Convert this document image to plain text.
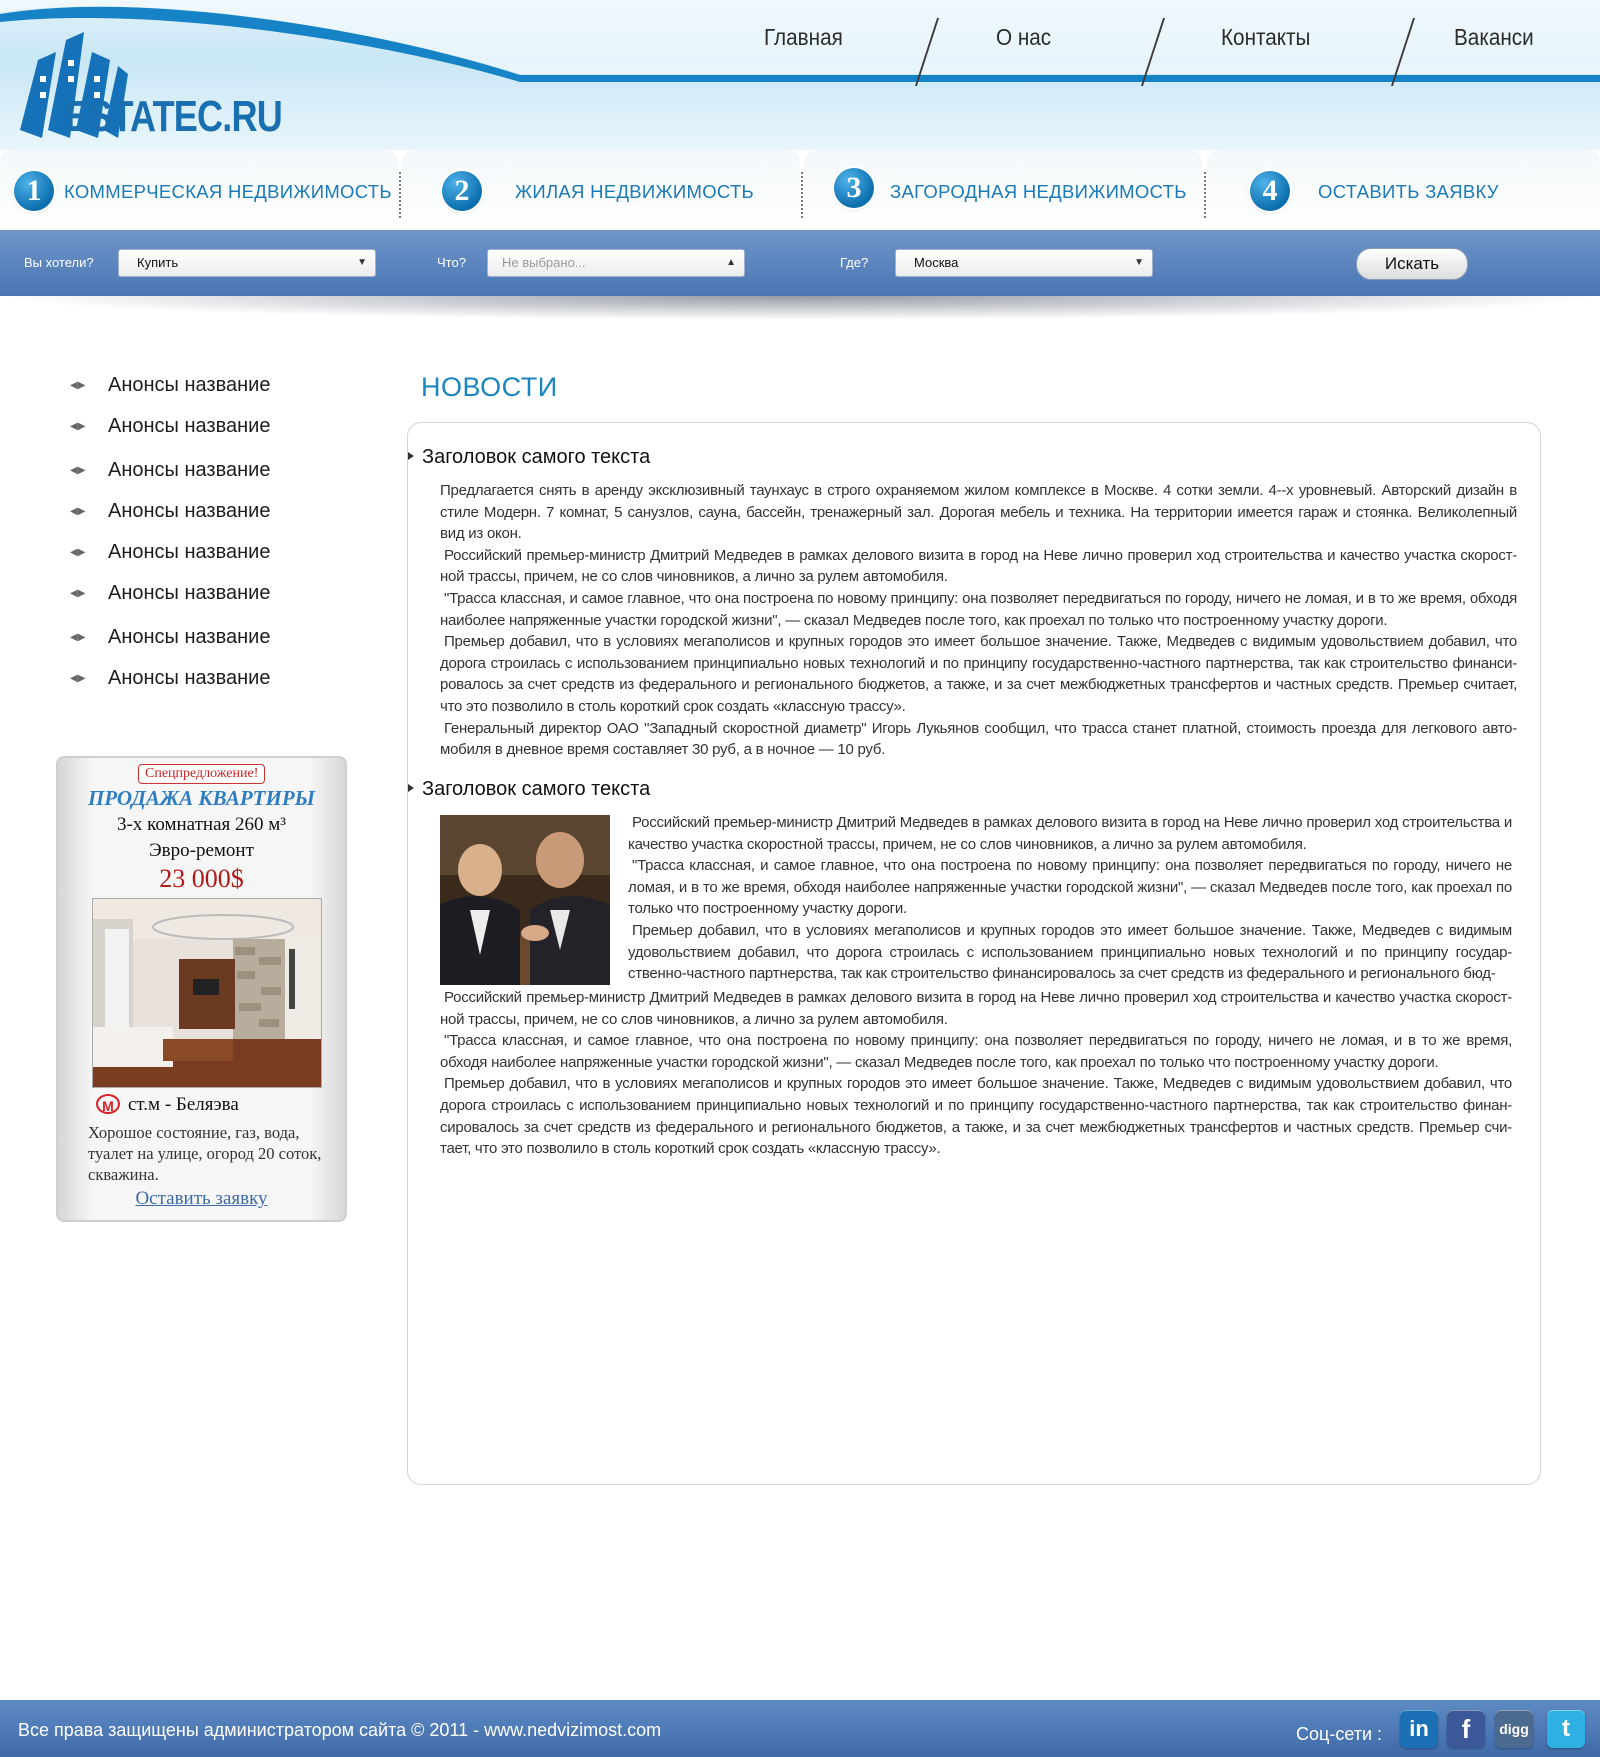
ESTATEC.RU
Главная	О нас	Контакты	Ваканси
1	КОММЕРЧЕСКАЯ НЕДВИЖИМОСТЬ	2	ЖИЛАЯ НЕДВИЖИМОСТЬ	3	ЗАГОРОДНАЯ НЕДВИЖИМОСТЬ	4	ОСТАВИТЬ ЗАЯВКУ
Вы хотели?	Купить	▼	Что?	Не выбрано...	▲	Где?	Москва	▼	Искать
◀▶ Анонсы название
◀▶ Анонсы название
◀▶ Анонсы название
◀▶ Анонсы название
◀▶ Анонсы название
◀▶ Анонсы название
◀▶ Анонсы название
◀▶ Анонсы название
Спецпредложение!
ПРОДАЖА КВАРТИРЫ
3-х комнатная 260 м³
Эвро-ремонт
23 000$
М ст.м - Беляэва
Хорошое состояние, газ, вода, туалет на улице, огород 20 соток, скважина.
Оставить заявку
НОВОСТИ
Заголовок самого текста

Предлагается снять в аренду эксклюзивный таунхаус в строго охраняемом жилом комплексе в Москве. 4 сотки земли. 4--х уровневый. Авторский дизайн в стиле Модерн. 7 комнат, 5 санузлов, сауна, бассейн, тренажерный зал. Дорогая мебель и техника. На территории имеется гараж и стоянка. Великолепный вид из окон.

Российский премьер-министр Дмитрий Медведев в рамках делового визита в город на Неве лично проверил ход строительства и качество участка скорост-ной трассы, причем, не со слов чиновников, а лично за рулем автомобиля.

"Трасса классная, и самое главное, что она построена по новому принципу: она позволяет передвигаться по городу, ничего не ломая, и в то же время, обходя наиболее напряженные участки городской жизни", — сказал Медведев после того, как проехал по только что построенному участку дороги.

Премьер добавил, что в условиях мегаполисов и крупных городов это имеет большое значение. Также, Медведев с видимым удовольствием добавил, что дорога строилась с использованием принципиально новых технологий и по принципу государственно-частного партнерства, так как строительство финанси-ровалось за счет средств из федерального и регионального бюджетов, а также, и за счет межбюджетных трансфертов и частных средств. Премьер считает, что это позволило в столь короткий срок создать «классную трассу».

Генеральный директор ОАО "Западный скоростной диаметр" Игорь Лукьянов сообщил, что трасса станет платной, стоимость проезда для легкового авто-мобиля в дневное время составляет 30 руб, а в ночное — 10 руб.

Заголовок самого текста

Российский премьер-министр Дмитрий Медведев в рамках делового визита в город на Неве лично проверил ход строительства и качество участка скоростной трассы, причем, не со слов чиновников, а лично за рулем автомобиля.

"Трасса классная, и самое главное, что она построена по новому принципу: она позволяет передвигаться по городу, ничего не ломая, и в то же время, обходя наиболее напряженные участки городской жизни", — сказал Медведев после того, как проехал по только что построенному участку дороги.

Премьер добавил, что в условиях мегаполисов и крупных городов это имеет большое значение. Также, Медведев с видимым удовольствием добавил, что дорога строилась с использованием принципиально новых технологий и по принципу государ-ственно-частного партнерства, так как строительство финансировалось за счет средств из федерального и регионального бюд-

Российский премьер-министр Дмитрий Медведев в рамках делового визита в город на Неве лично проверил ход строительства и качество участка скорост-ной трассы, причем, не со слов чиновников, а лично за рулем автомобиля.

"Трасса классная, и самое главное, что она построена по новому принципу: она позволяет передвигаться по городу, ничего не ломая, и в то же время, обходя наиболее напряженные участки городской жизни", — сказал Медведев после того, как проехал по только что построенному участку дороги.

Премьер добавил, что в условиях мегаполисов и крупных городов это имеет большое значение. Также, Медведев с видимым удовольствием добавил, что дорога строилась с использованием принципиально новых технологий и по принципу государственно-частного партнерства, так как строительство финан-сировалось за счет средств из федерального и регионального бюджетов, а также, и за счет межбюджетных трансфертов и частных средств. Премьер счи-тает, что это позволило в столь короткий срок создать «классную трассу».

Все права защищены администратором сайта © 2011 - www.nedvizimost.com	Соц-сети :	in	f	digg	t
